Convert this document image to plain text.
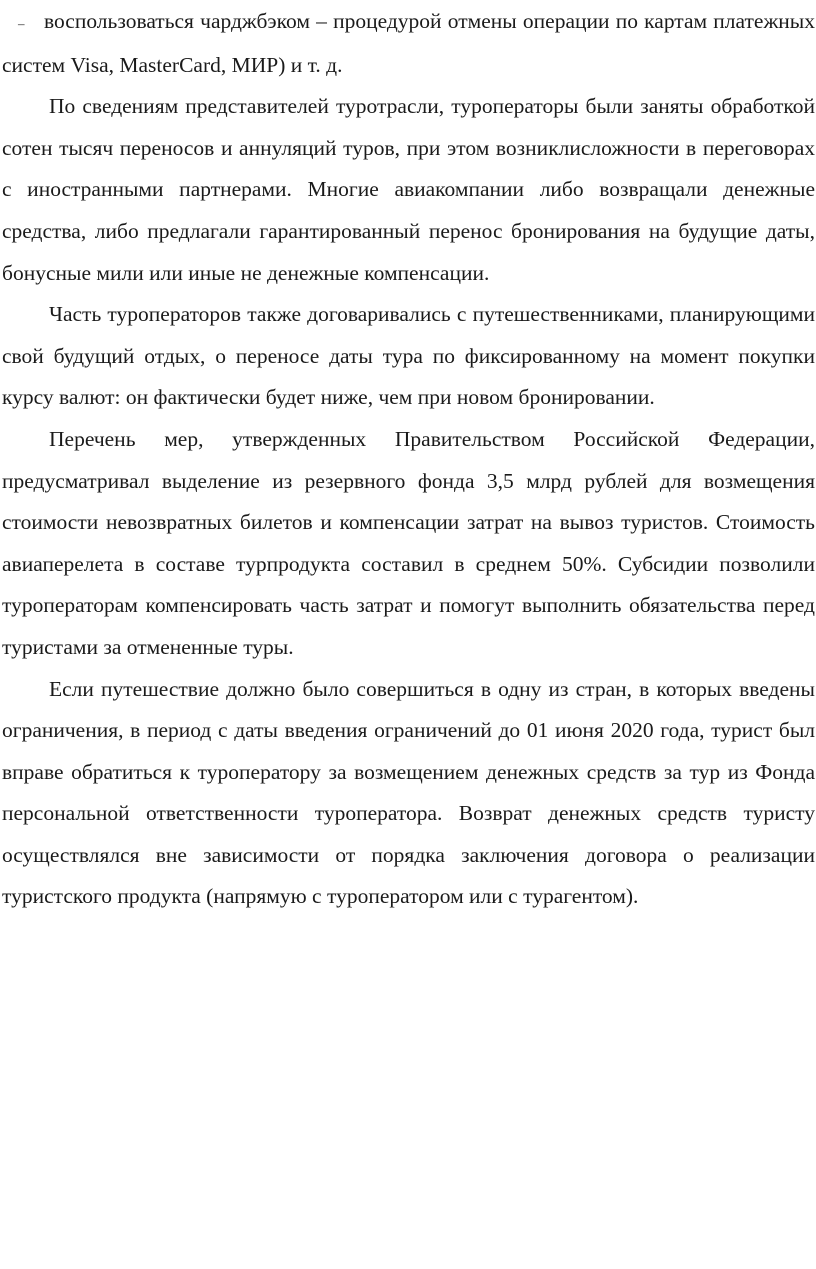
– воспользоваться чарджбэком – процедурой отмены операции по картам платежных систем Visa, MasterCard, МИР) и т. д.

По сведениям представителей туротрасли, туроператоры были заняты обработкой сотен тысяч переносов и аннуляций туров, при этом возниклисложности в переговорах с иностранными партнерами. Многие авиакомпании либо возвращали денежные средства, либо предлагали гарантированный перенос бронирования на будущие даты, бонусные мили или иные не денежные компенсации.

Часть туроператоров также договаривались с путешественниками, планирующими свой будущий отдых, о переносе даты тура по фиксированному на момент покупки курсу валют: он фактически будет ниже, чем при новом бронировании.

Перечень мер, утвержденных Правительством Российской Федерации, предусматривал выделение из резервного фонда 3,5 млрд рублей для возмещения стоимости невозвратных билетов и компенсации затрат на вывоз туристов. Стоимость авиаперелета в составе турпродукта составил в среднем 50%. Субсидии позволили туроператорам компенсировать часть затрат и помогут выполнить обязательства перед туристами за отмененные туры.

Если путешествие должно было совершиться в одну из стран, в которых введены ограничения, в период с даты введения ограничений до 01 июня 2020 года, турист был вправе обратиться к туроператору за возмещением денежных средств за тур из Фонда персональной ответственности туроператора. Возврат денежных средств туристу осуществлялся вне зависимости от порядка заключения договора о реализации туристского продукта (напрямую с туроператором или с турагентом).
